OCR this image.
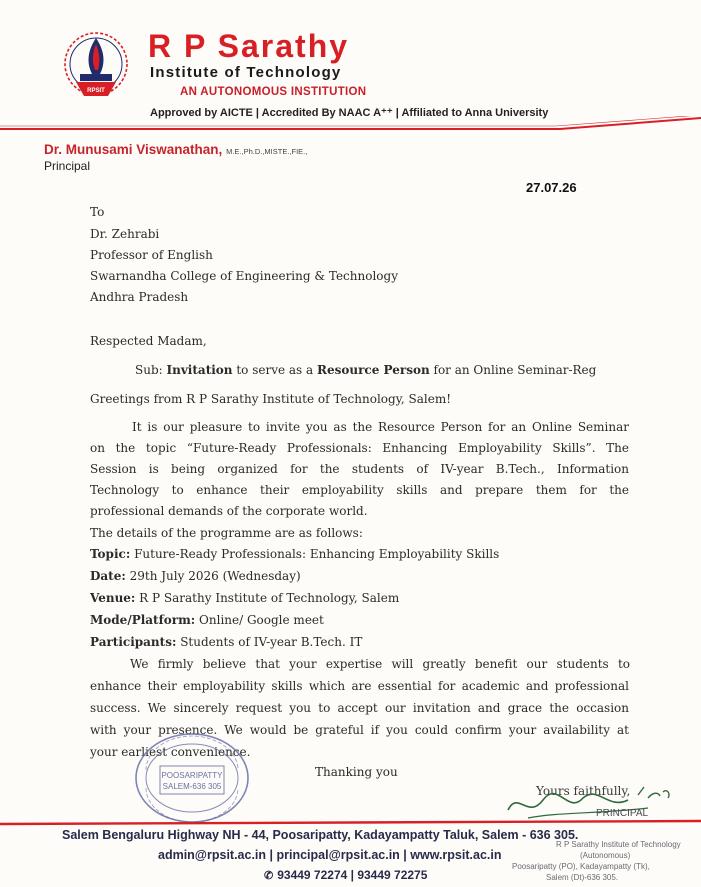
RPSIT
R P Sarathy
Institute of Technology
AN AUTONOMOUS INSTITUTION
Approved by AICTE | Accredited By NAAC A⁺⁺ | Affiliated to Anna University
Dr. Munusami Viswanathan, M.E.,Ph.D.,MISTE.,FIE.,
Principal
27.07.26
To
Dr. Zehrabi
Professor of English
Swarnandha College of Engineering & Technology
Andhra Pradesh
Respected Madam,
Sub: Invitation to serve as a Resource Person for an Online Seminar-Reg
Greetings from R P Sarathy Institute of Technology, Salem!
It is our pleasure to invite you as the Resource Person for an Online Seminar
on the topic “Future-Ready Professionals: Enhancing Employability Skills”. The
Session is being organized for the students of IV-year B.Tech., Information
Technology to enhance their employability skills and prepare them for the
professional demands of the corporate world.
The details of the programme are as follows:
Topic: Future-Ready Professionals: Enhancing Employability Skills
Date: 29th July 2026 (Wednesday)
Venue: R P Sarathy Institute of Technology, Salem
Mode/Platform: Online/ Google meet
Participants: Students of IV-year B.Tech. IT
We firmly believe that your expertise will greatly benefit our students to
enhance their employability skills which are essential for academic and professional
success. We sincerely request you to accept our invitation and grace the occasion
with your presence. We would be grateful if you could confirm your availability at
your earliest convenience.
Thanking you
POOSARIPATTY
SALEM-636 305	Yours faithfully,
PRINCIPAL
R P Sarathy Institute of Technology
(Autonomous)
Poosaripatty (PO), Kadayampatty (Tk),
Salem (Dt)-636 305.
Salem Bengaluru Highway NH - 44, Poosaripatty, Kadayampatty Taluk, Salem - 636 305.
admin@rpsit.ac.in | principal@rpsit.ac.in | www.rpsit.ac.in
✆ 93449 72274 | 93449 72275
